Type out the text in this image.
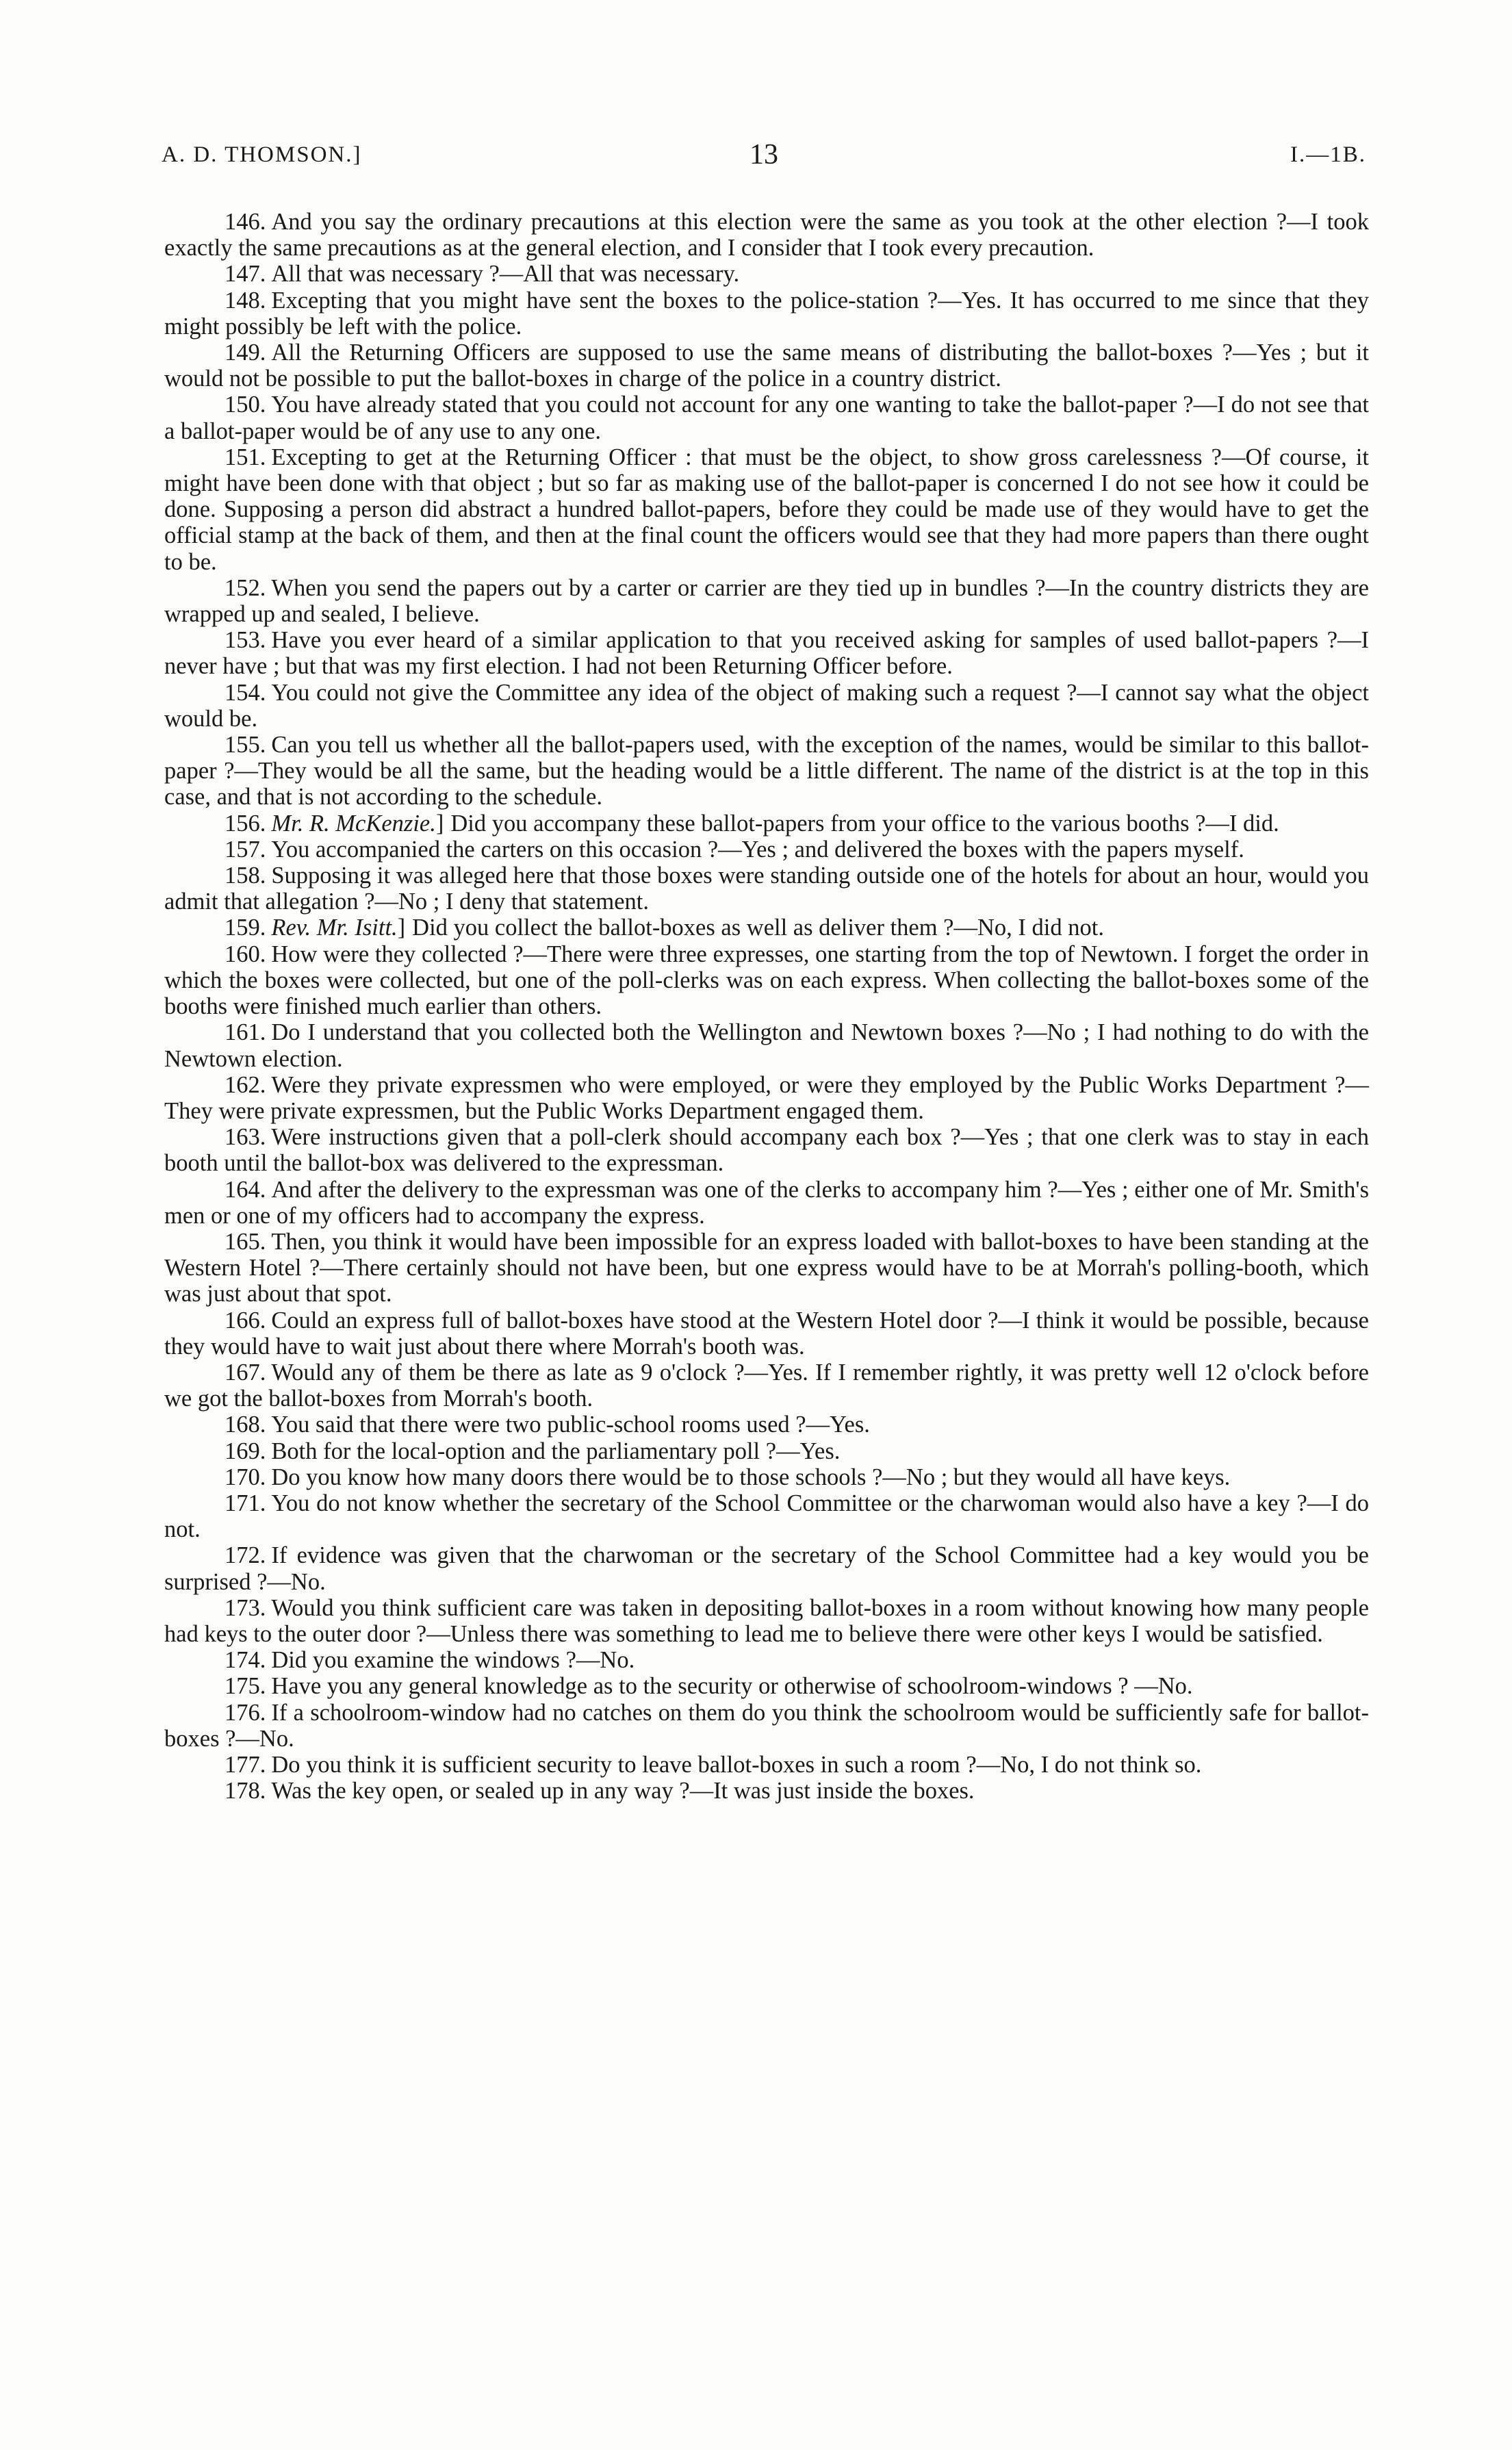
A. D. THOMSON.]	13	I.—1B.

146. And you say the ordinary precautions at this election were the same as you took at the other election ?—I took exactly the same precautions as at the general election, and I consider that I took every precaution.

147. All that was necessary ?—All that was necessary.

148. Excepting that you might have sent the boxes to the police-station ?—Yes. It has occurred to me since that they might possibly be left with the police.

149. All the Returning Officers are supposed to use the same means of distributing the ballot-boxes ?—Yes ; but it would not be possible to put the ballot-boxes in charge of the police in a country district.

150. You have already stated that you could not account for any one wanting to take the ballot-paper ?—I do not see that a ballot-paper would be of any use to any one.

151. Excepting to get at the Returning Officer : that must be the object, to show gross carelessness ?—Of course, it might have been done with that object ; but so far as making use of the ballot-paper is concerned I do not see how it could be done. Supposing a person did abstract a hundred ballot-papers, before they could be made use of they would have to get the official stamp at the back of them, and then at the final count the officers would see that they had more papers than there ought to be.

152. When you send the papers out by a carter or carrier are they tied up in bundles ?—In the country districts they are wrapped up and sealed, I believe.

153. Have you ever heard of a similar application to that you received asking for samples of used ballot-papers ?—I never have ; but that was my first election. I had not been Returning Officer before.

154. You could not give the Committee any idea of the object of making such a request ?—I cannot say what the object would be.

155. Can you tell us whether all the ballot-papers used, with the exception of the names, would be similar to this ballot-paper ?—They would be all the same, but the heading would be a little different. The name of the district is at the top in this case, and that is not according to the schedule.

156. Mr. R. McKenzie. ] Did you accompany these ballot-papers from your office to the various booths ?—I did.

157. You accompanied the carters on this occasion ?—Yes ; and delivered the boxes with the papers myself.

158. Supposing it was alleged here that those boxes were standing outside one of the hotels for about an hour, would you admit that allegation ?—No ; I deny that statement.

159. Rev. Mr. Isitt. ] Did you collect the ballot-boxes as well as deliver them ?—No, I did not.

160. How were they collected ?—There were three expresses, one starting from the top of Newtown. I forget the order in which the boxes were collected, but one of the poll-clerks was on each express. When collecting the ballot-boxes some of the booths were finished much earlier than others.

161. Do I understand that you collected both the Wellington and Newtown boxes ?—No ; I had nothing to do with the Newtown election.

162. Were they private expressmen who were employed, or were they employed by the Public Works Department ?—They were private expressmen, but the Public Works Department engaged them.

163. Were instructions given that a poll-clerk should accompany each box ?—Yes ; that one clerk was to stay in each booth until the ballot-box was delivered to the expressman.

164. And after the delivery to the expressman was one of the clerks to accompany him ?—Yes ; either one of Mr. Smith's men or one of my officers had to accompany the express.

165. Then, you think it would have been impossible for an express loaded with ballot-boxes to have been standing at the Western Hotel ?—There certainly should not have been, but one express would have to be at Morrah's polling-booth, which was just about that spot.

166. Could an express full of ballot-boxes have stood at the Western Hotel door ?—I think it would be possible, because they would have to wait just about there where Morrah's booth was.

167. Would any of them be there as late as 9 o'clock ?—Yes. If I remember rightly, it was pretty well 12 o'clock before we got the ballot-boxes from Morrah's booth.

168. You said that there were two public-school rooms used ?—Yes.

169. Both for the local-option and the parliamentary poll ?—Yes.

170. Do you know how many doors there would be to those schools ?—No ; but they would all have keys.

171. You do not know whether the secretary of the School Committee or the charwoman would also have a key ?—I do not.

172. If evidence was given that the charwoman or the secretary of the School Committee had a key would you be surprised ?—No.

173. Would you think sufficient care was taken in depositing ballot-boxes in a room without knowing how many people had keys to the outer door ?—Unless there was something to lead me to believe there were other keys I would be satisfied.

174. Did you examine the windows ?—No.

175. Have you any general knowledge as to the security or otherwise of schoolroom-windows ? —No.

176. If a schoolroom-window had no catches on them do you think the schoolroom would be sufficiently safe for ballot-boxes ?—No.

177. Do you think it is sufficient security to leave ballot-boxes in such a room ?—No, I do not think so.

178. Was the key open, or sealed up in any way ?—It was just inside the boxes.
